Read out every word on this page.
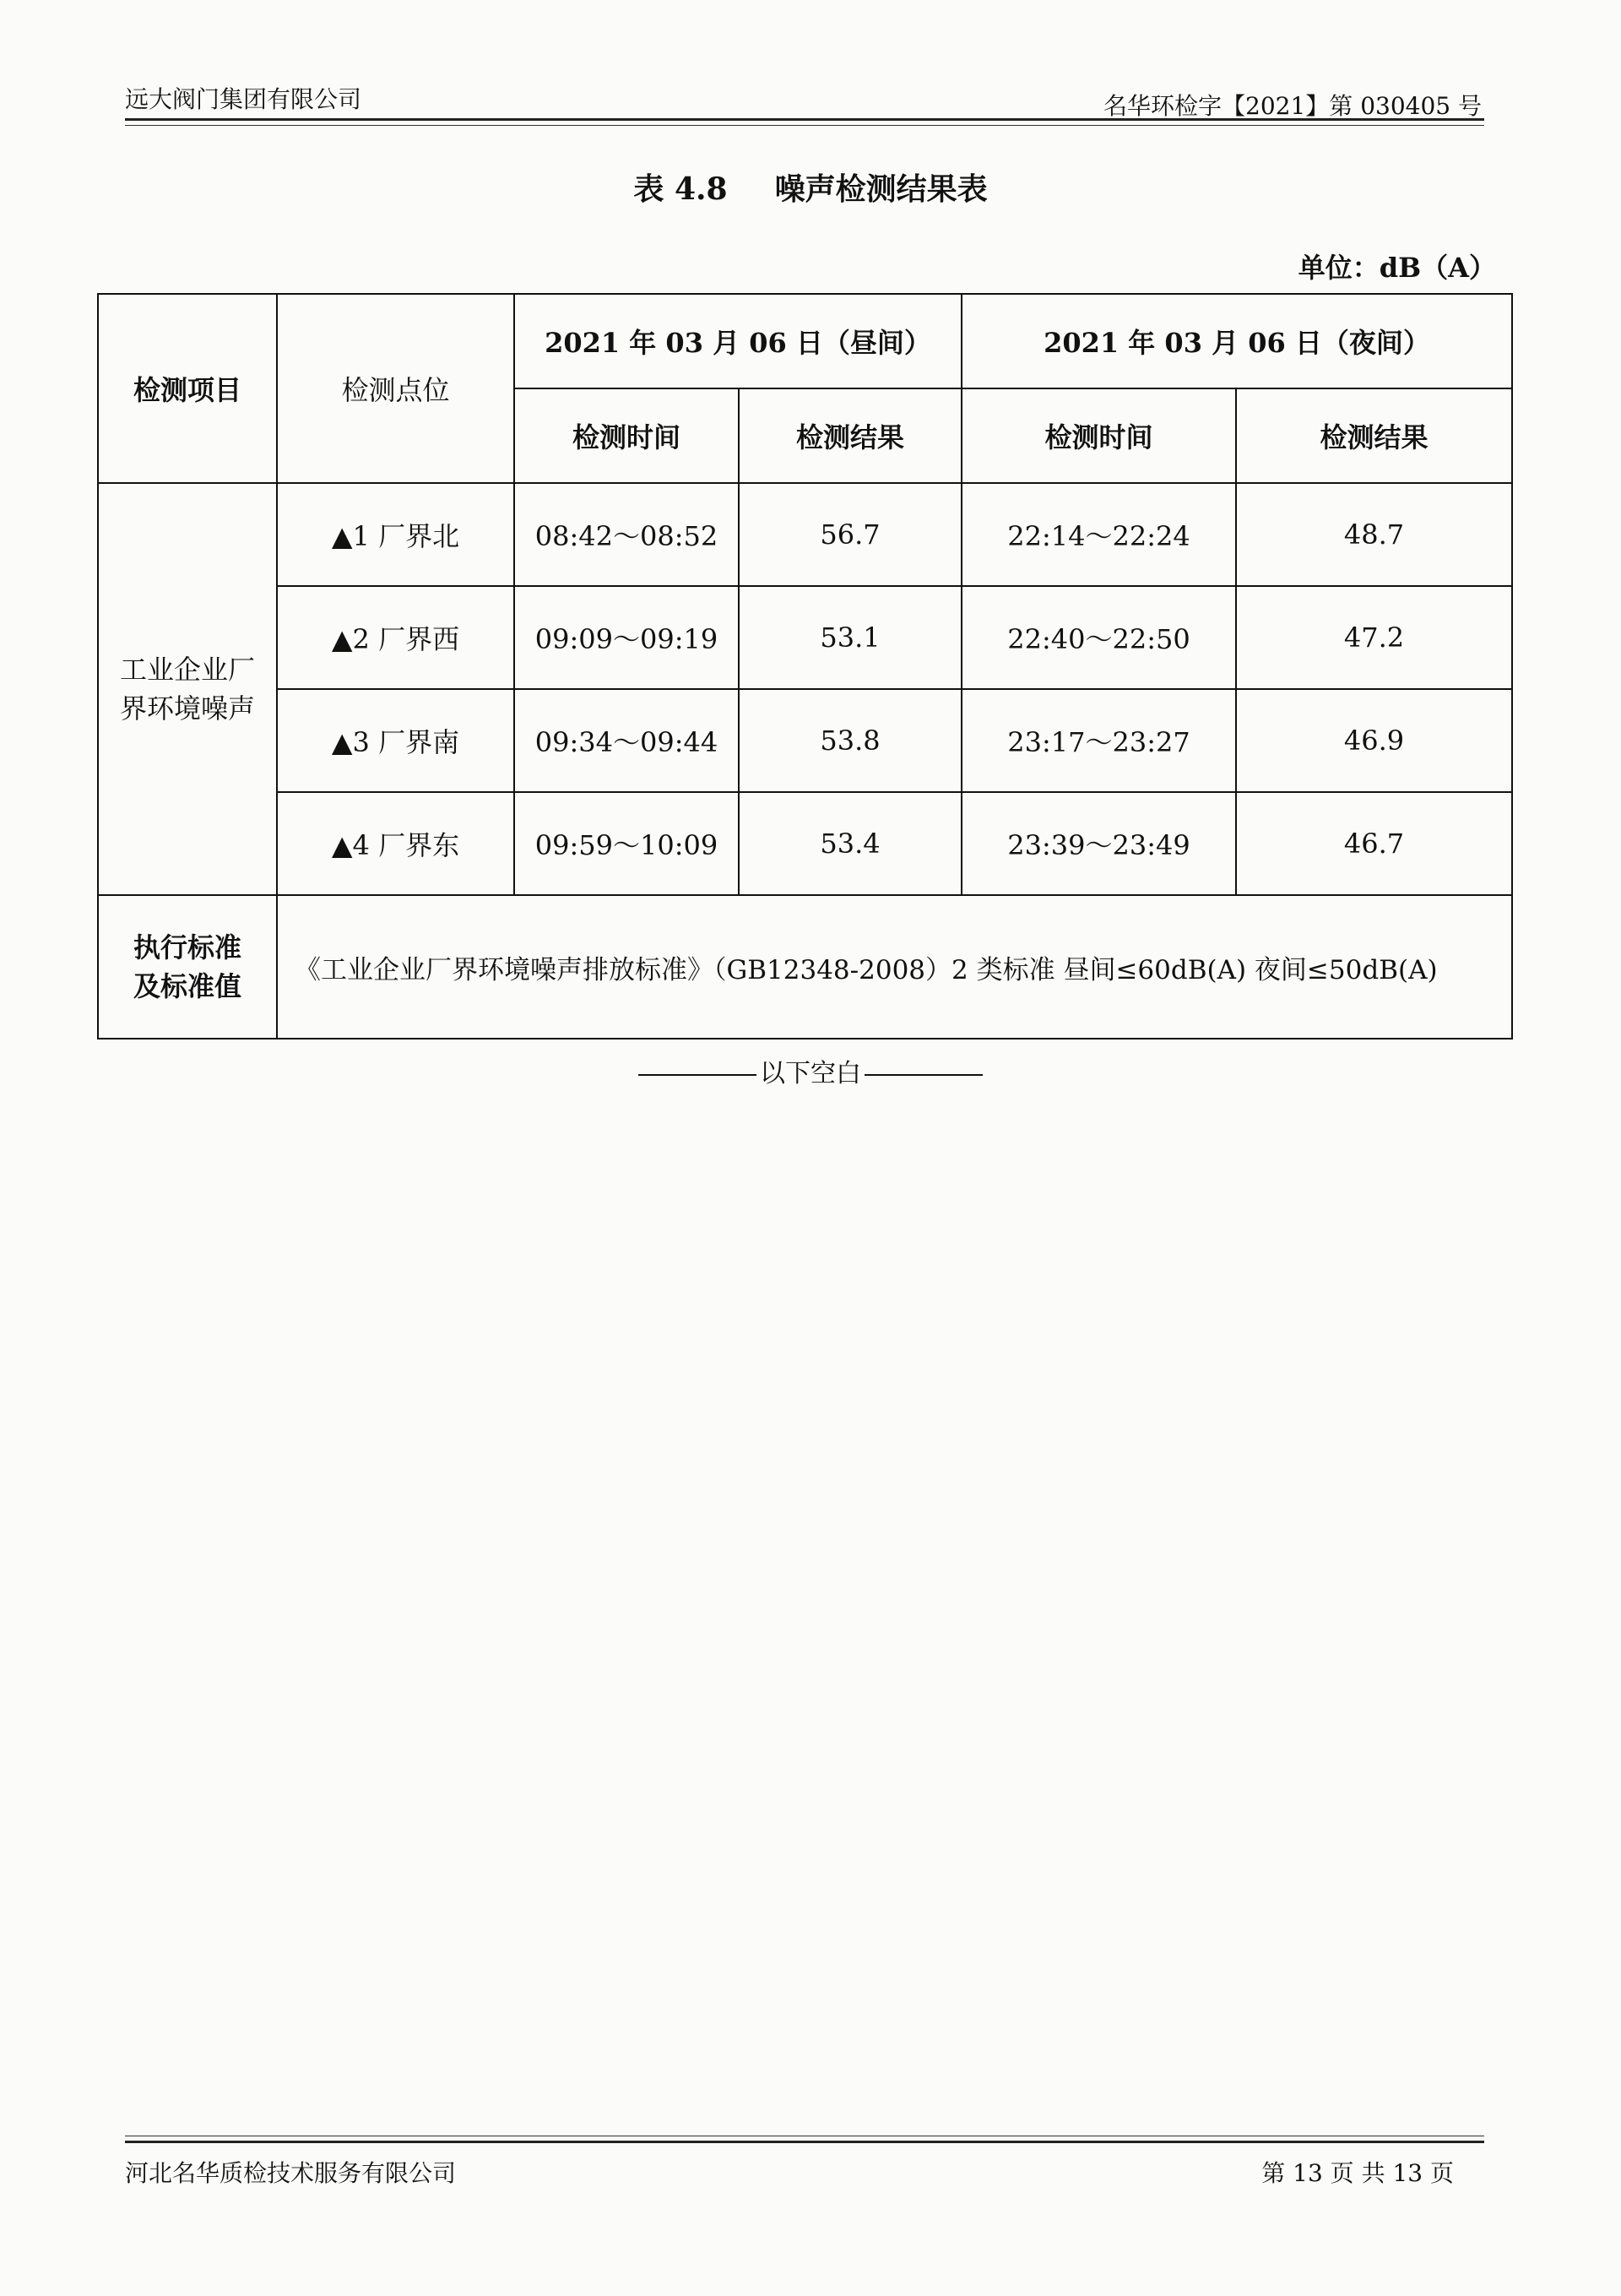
远大阀门集团有限公司	名华环检字【2021】第 030405 号
表 4.8 噪声检测结果表
单位：dB（A）
检测项目	检测点位	2021 年 03 月 06 日（昼间）		2021 年 03 月 06 日（夜间）	
		检测时间	检测结果	检测时间	检测结果
工业企业厂
界环境噪声	▲1 厂界北	08:42～08:52	56.7	22:14～22:24	48.7
	▲2 厂界西	09:09～09:19	53.1	22:40～22:50	47.2
	▲3 厂界南	09:34～09:44	53.8	23:17～23:27	46.9
	▲4 厂界东	09:59～10:09	53.4	23:39～23:49	46.7
执行标准
及标准值	《工业企业厂界环境噪声排放标准》（GB12348-2008）2 类标准 昼间≤60dB(A) 夜间≤50dB(A)				
以下空白
河北名华质检技术服务有限公司	第 13 页 共 13 页
